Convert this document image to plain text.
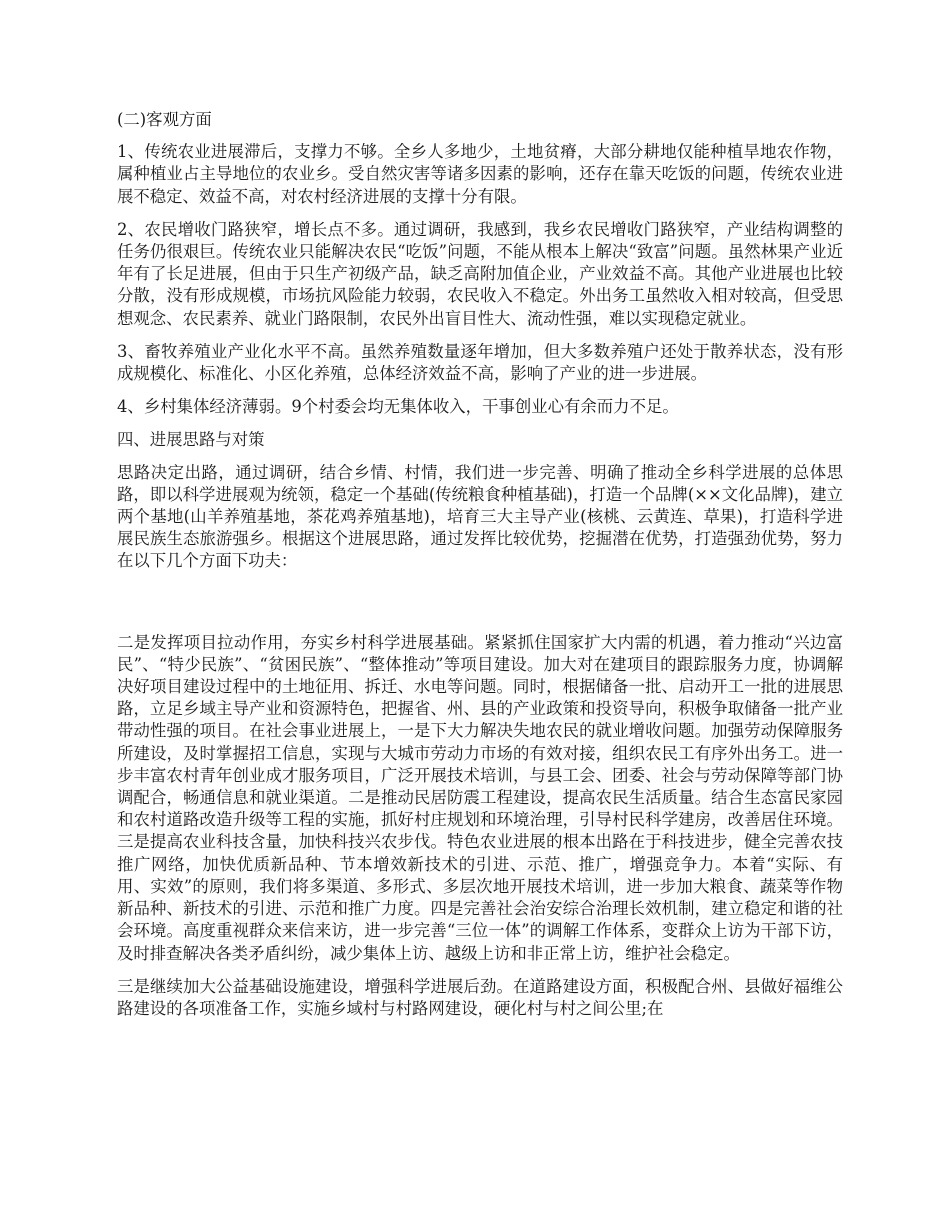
(二)客观方面

1、传统农业进展滞后，支撑力不够。全乡人多地少，土地贫瘠，大部分耕地仅能种植旱地农作物，属种植业占主导地位的农业乡。受自然灾害等诸多因素的影响，还存在靠天吃饭的问题，传统农业进展不稳定、效益不高，对农村经济进展的支撑十分有限。

2、农民增收门路狭窄，增长点不多。通过调研，我感到，我乡农民增收门路狭窄，产业结构调整的任务仍很艰巨。传统农业只能解决农民“吃饭”问题，不能从根本上解决“致富”问题。虽然林果产业近年有了长足进展，但由于只生产初级产品，缺乏高附加值企业，产业效益不高。其他产业进展也比较分散，没有形成规模，市场抗风险能力较弱，农民收入不稳定。外出务工虽然收入相对较高，但受思想观念、农民素养、就业门路限制，农民外出盲目性大、流动性强，难以实现稳定就业。

3、畜牧养殖业产业化水平不高。虽然养殖数量逐年增加，但大多数养殖户还处于散养状态，没有形成规模化、标准化、小区化养殖，总体经济效益不高，影响了产业的进一步进展。

4、乡村集体经济薄弱。9个村委会均无集体收入，干事创业心有余而力不足。

四、进展思路与对策

思路决定出路，通过调研，结合乡情、村情，我们进一步完善、明确了推动全乡科学进展的总体思路，即以科学进展观为统领，稳定一个基础(传统粮食种植基础)，打造一个品牌(××文化品牌)，建立两个基地(山羊养殖基地，茶花鸡养殖基地)，培育三大主导产业(核桃、云黄连、草果)，打造科学进展民族生态旅游强乡。根据这个进展思路，通过发挥比较优势，挖掘潜在优势，打造强劲优势，努力在以下几个方面下功夫：

二是发挥项目拉动作用，夯实乡村科学进展基础。紧紧抓住国家扩大内需的机遇，着力推动“兴边富民”、“特少民族”、“贫困民族”、“整体推动”等项目建设。加大对在建项目的跟踪服务力度，协调解决好项目建设过程中的土地征用、拆迁、水电等问题。同时，根据储备一批、启动开工一批的进展思路，立足乡域主导产业和资源特色，把握省、州、县的产业政策和投资导向，积极争取储备一批产业带动性强的项目。在社会事业进展上，一是下大力解决失地农民的就业增收问题。加强劳动保障服务所建设，及时掌握招工信息，实现与大城市劳动力市场的有效对接，组织农民工有序外出务工。进一步丰富农村青年创业成才服务项目，广泛开展技术培训，与县工会、团委、社会与劳动保障等部门协调配合，畅通信息和就业渠道。二是推动民居防震工程建设，提高农民生活质量。结合生态富民家园和农村道路改造升级等工程的实施，抓好村庄规划和环境治理，引导村民科学建房，改善居住环境。三是提高农业科技含量，加快科技兴农步伐。特色农业进展的根本出路在于科技进步，健全完善农技推广网络，加快优质新品种、节本增效新技术的引进、示范、推广，增强竞争力。本着“实际、有用、实效”的原则，我们将多渠道、多形式、多层次地开展技术培训，进一步加大粮食、蔬菜等作物新品种、新技术的引进、示范和推广力度。四是完善社会治安综合治理长效机制，建立稳定和谐的社会环境。高度重视群众来信来访，进一步完善“三位一体”的调解工作体系，变群众上访为干部下访，及时排查解决各类矛盾纠纷，减少集体上访、越级上访和非正常上访，维护社会稳定。

三是继续加大公益基础设施建设，增强科学进展后劲。在道路建设方面，积极配合州、县做好福维公路建设的各项准备工作，实施乡域村与村路网建设，硬化村与村之间公里;在
